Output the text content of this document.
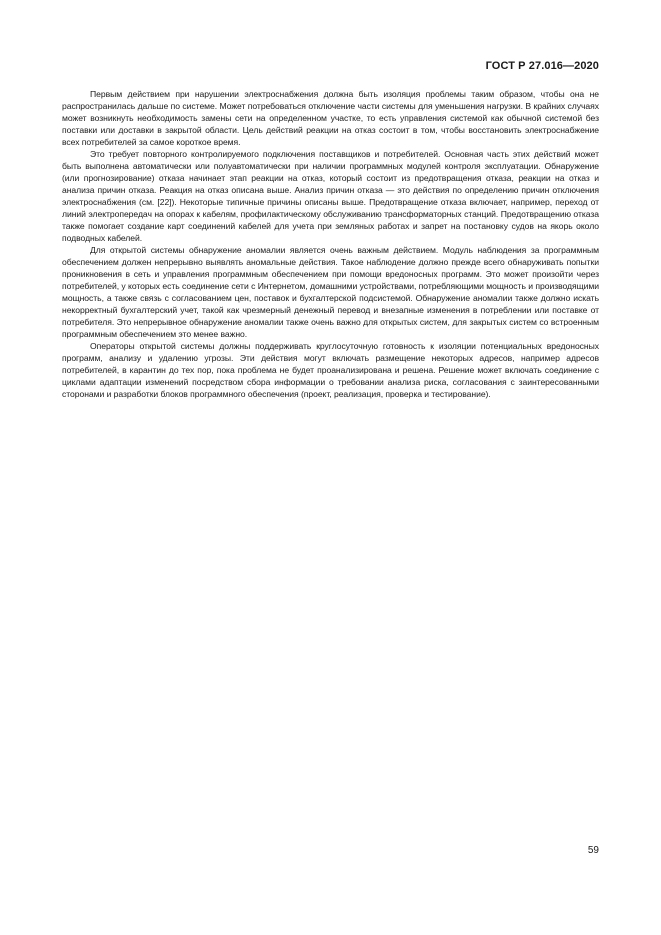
ГОСТ Р 27.016—2020

Первым действием при нарушении электроснабжения должна быть изоляция проблемы таким образом, чтобы она не распространилась дальше по системе. Может потребоваться отключение части системы для уменьшения нагрузки. В крайних случаях может возникнуть необходимость замены сети на определенном участке, то есть управления системой как обычной системой без поставки или доставки в закрытой области. Цель действий реакции на отказ состоит в том, чтобы восстановить электроснабжение всех потребителей за самое короткое время.

Это требует повторного контролируемого подключения поставщиков и потребителей. Основная часть этих действий может быть выполнена автоматически или полуавтоматически при наличии программных модулей контроля эксплуатации. Обнаружение (или прогнозирование) отказа начинает этап реакции на отказ, который состоит из предотвращения отказа, реакции на отказ и анализа причин отказа. Реакция на отказ описана выше. Анализ причин отказа — это действия по определению причин отключения электроснабжения (см. [22]). Некоторые типичные причины описаны выше. Предотвращение отказа включает, например, переход от линий электропередач на опорах к кабелям, профилактическому обслуживанию трансформаторных станций. Предотвращению отказа также помогает создание карт соединений кабелей для учета при земляных работах и запрет на постановку судов на якорь около подводных кабелей.

Для открытой системы обнаружение аномалии является очень важным действием. Модуль наблюдения за программным обеспечением должен непрерывно выявлять аномальные действия. Такое наблюдение должно прежде всего обнаруживать попытки проникновения в сеть и управления программным обеспечением при помощи вредоносных программ. Это может произойти через потребителей, у которых есть соединение сети с Интернетом, домашними устройствами, потребляющими мощность и производящими мощность, а также связь с согласованием цен, поставок и бухгалтерской подсистемой. Обнаружение аномалии также должно искать некорректный бухгалтерский учет, такой как чрезмерный денежный перевод и внезапные изменения в потреблении или поставке от потребителя. Это непрерывное обнаружение аномалии также очень важно для открытых систем, для закрытых систем со встроенным программным обеспечением это менее важно.

Операторы открытой системы должны поддерживать круглосуточную готовность к изоляции потенциальных вредоносных программ, анализу и удалению угрозы. Эти действия могут включать размещение некоторых адресов, например адресов потребителей, в карантин до тех пор, пока проблема не будет проанализирована и решена. Решение может включать соединение с циклами адаптации изменений посредством сбора информации о требовании анализа риска, согласования с заинтересованными сторонами и разработки блоков программного обеспечения (проект, реализация, проверка и тестирование).

59
